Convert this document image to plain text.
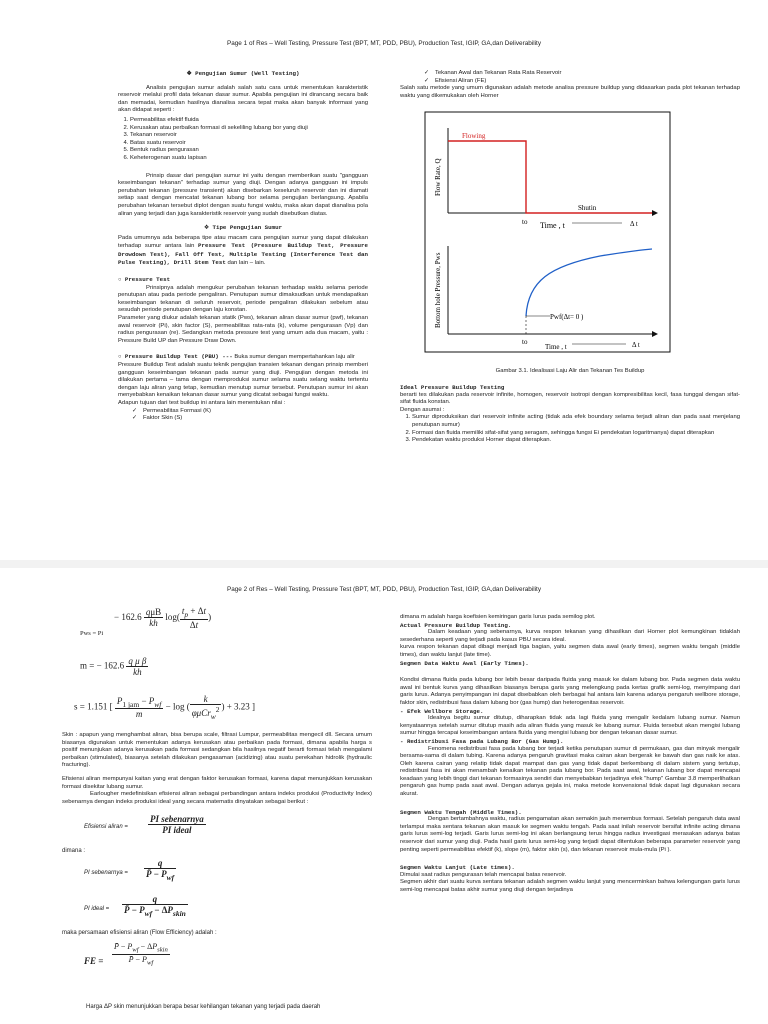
Page 1 of Res – Well Testing, Pressure Test (BPT, MT, PDD, PBU), Production Test, IGIP, GA,dan Deliverability

❖  Pengujian Sumur (Well Testing)

Analisis pengujian sumur adalah salah satu cara untuk menentukan karakteristik reservoir melalui profil data tekanan dasar sumur. Apabila pengujian ini dirancang secara baik dan memadai, kemudian hasilnya dianalisa secara tepat maka akan banyak informasi yang akan didapat seperti :

1. Permeabilitas efektif fluida
2. Kerusakan atau perbaikan formasi di sekeliling lubang bor yang diuji
3. Tekanan reservoir
4. Batas suatu reservoir
5. Bentuk radius pengurasan
6. Keheterogenan suatu lapisan

Prinsip dasar dari pengujian sumur ini yaitu dengan memberikan suatu "gangguan keseimbangan tekanan" terhadap sumur yang diuji. Dengan adanya gangguan ini impuls perubahan tekanan (pressure transient) akan disebarkan keseluruh reservoir dan ini diamati setiap saat dengan mencatat tekanan lubang bor selama pengujian berlangsung. Apabila perubahan tekanan tersebut diplot dengan suatu fungsi waktu, maka akan dapat dianalisa pola aliran yang terjadi dan juga karakteristik reservoir yang sudah disebutkan diatas.

❖  Tipe Pengujian Sumur

Pada umumnya ada beberapa tipe atau macam cara pengujian sumur yang dapat dilakukan terhadap sumur antara lain Pressure Test (Pressure Buildup Test, Pressure Drowdown Test), Fall Off Test, Multiple Testing (Interference Test dan Pulse Testing), Drill Stem Test dan lain – lain.

○  Pressure Test

Prinsipnya adalah mengukur perubahan tekanan terhadap waktu selama periode penutupan atau pada periode pengaliran. Penutupan sumur dimaksudkan untuk mendapatkan keseimbangan tekanan di seluruh reservoir, periode pengaliran dilakukan sebelum atau sesudah periode penutupan dengan laju konstan.

Parameter yang diukur adalah tekanan statik (Pws), tekanan aliran dasar sumur (pwf), tekanan awal reservoir (Pi), skin factor (S), permeabilitas rata-rata (k), volume pengurasan (Vp) dan radius pengurasan (re). Sedangkan metoda pressure test yang umum ada dua macam, yaitu : Pressure Build UP dan Pressure Draw Down.

○  Pressure Buildup Test (PBU) --- Buka sumur dengan mempertahankan laju alir

Pressure Buildup Test adalah suatu teknik pengujian transien tekanan dengan prinsip memberi gangguan keseimbangan tekanan pada sumur yang diuji. Pengujian dengan metoda ini dilakukan pertama – tama dengan memproduksi sumur selama suatu selang waktu tertentu dengan laju aliran yang tetap, kemudian menutup sumur tersebut. Penutupan sumur ini akan menyebabkan kenaikan tekanan dasar sumur yang dicatat sebagai fungsi waktu.

Adapun tujuan dari test buildup ini antara lain menentukan nilai :

✓ Permeabilitas Formasi (K)
✓ Faktor Skin (S)
✓ Tekanan Awal dan Tekanan Rata Rata Reservoir
✓ Efisiensi Aliran (FE)

Salah satu metode yang umum digunakan adalah metode analisa pressure buildup yang didasarkan pada plot tekanan terhadap waktu yang dikemukakan oleh Horner

Flowing
Shutin
Flow Rate, Q
to Time , t	Δ t
Bottom hole Pressure, Pws	Pwf(Δt= 0 )
to
Time , t	Δ t

Gambar 3.1. Idealisasi Laju Alir dan Tekanan Tes Buildup

Ideal Pressure Buildup Testing

berarti tes dilakukan pada reservoir infinite, homogen, reservoir isotropi dengan kompresibilitas kecil, fasa tunggal dengan sifat-sifat fluida konstan.

Dengan asumsi :

1. Sumur diproduksikan dari reservoir infinite acting (tidak ada efek boundary selama terjadi aliran dan pada saat menjelang penutupan sumur)
2. Formasi dan fluida memiliki sifat-sifat yang seragam, sehingga fungsi Ei pendekatan logaritmanya) dapat diterapkan
3. Pendekatan waktu produksi Horner dapat diterapkan.
Page 2 of Res – Well Testing, Pressure Test (BPT, MT, PDD, PBU), Production Test, IGIP, GA,dan Deliverability
Pws = Pi
− $162.6 \frac{\text{qμB}}{kh} \log( \frac{t_p + \Delta t}{\Delta t}$ )
m = − $162.6 \frac{\text{q μ β}}{kh}$
s = 1.151 [ $\frac{P_{1 jam} - P_{wf}}{m} - \log$ ( $\frac{k}{\varphi\mu Cr_w^2}$ ) + 3.23 ]

Skin : apapun yang menghambat aliran, bisa berupa scale, filtrasi Lumpur, permeabilitas mengecil dll. Secara umum biasanya digunakan untuk menentukan adanya kerusakan atau perbaikan pada formasi, dimana apabila harga s positif menunjukan adanya kerusakan pada formasi sedangkan bila hasilnya negatif berarti formasi telah mengalami perbaikan (stimulated), biasanya setelah dilakukan pengasaman (acidizing) atau suatu perekahan hidrolik (hydraulic fracturing).

Efisiensi aliran mempunyai kaitan yang erat dengan faktor kerusakan formasi, karena dapat menunjukkan kerusakan formasi disekitar lubang sumur.

Earlougher medefinisikan efisiensi aliran sebagai perbandingan antara indeks produksi (Productivity Index) sebenarnya dengan indeks produksi ideal yang secara matematis dinyatakan sebagai berikut :

Efisiensi aliran = $\frac{\text{PI sebenarnya}}{\text{PI ideal}}$
dimana :
PI sebenarnya = $\frac{q}{P̄ - P_{wf}}$
PI ideal = $\frac{q}{P̄ - P_{wf} - \Delta P_{skin}}$
maka persamaan efisiensi aliran (Flow Efficiency) adalah :
FE = $\frac{P̄ - P_{wf} - \Delta P_{skin}}{P̄ - P_{wf}}$
Harga ΔP skin menunjukkan berapa besar kehilangan tekanan yang terjadi pada daerah

dimana m adalah harga koefisien kemiringan garis lurus pada semilog plot.

Actual Pressure Buildup Testing.

Dalam keadaan yang sebenarnya, kurva respon tekanan yang dihasilkan dari Horner plot kemungkinan tidaklah sesederhana seperti yang terjadi pada kasus PBU secara ideal.

kurva respon tekanan dapat dibagi menjadi tiga bagian, yaitu segmen data awal (early times), segmen waktu tengah (middle times), dan waktu lanjut (late time).

Segmen Data Waktu Awal (Early Times).

Kondisi dimana fluida pada lubang bor lebih besar daripada fluida yang masuk ke dalam lubang bor. Pada segmen data waktu awal ini bentuk kurva yang dihasilkan biasanya berupa garis yang melengkung pada kertas grafik semi-log, menyimpang dari garis lurus. Adanya penyimpangan ini dapat disebabkan oleh berbagai hal antara lain karena adanya pengaruh wellbore storage, faktor skin, redistribusi fasa dalam lubang bor (gas hump) dan heterogenitas reservoir.

- Efek Wellbore Storage.

Idealnya begitu sumur ditutup, diharapkan tidak ada lagi fluida yang mengalir kedalam lubang sumur. Namun kenyataannya setelah sumur ditutup masih ada aliran fluida yang masuk ke lubang sumur. Fluida tersebut akan mengisi lubang sumur hingga tercapai keseimbangan antara fluida yang mengisi lubang bor dengan tekanan dasar sumur.

- Redistribusi Fasa pada Lubang Bor (Gas Hump).

Fenomena redistribusi fasa pada lubang bor terjadi ketika penutupan sumur di permukaan, gas dan minyak mengalir bersama-sama di dalam tubing. Karena adanya pengaruh gravitasi maka cairan akan bergerak ke bawah dan gas naik ke atas. Oleh karena cairan yang relatip tidak dapat mampat dan gas yang tidak dapat berkembang di dalam sistem yang tertutup, redistribusi fasa ini akan menambah kenaikan tekanan pada lubang bor. Pada saat awal, tekanan lubang bor dapat mencapai keadaan yang lebih tinggi dari tekanan formasinya sendiri dan menyebabkan terjadinya efek "hump" Gambar 3.8 memperlihatkan pengaruh gas hump pada saat awal. Dengan adanya gejala ini, maka metode konvensional tidak dapat lagi digunakan secara akurat.

Segmen Waktu Tengah (Middle Times).

Dengan bertambahnya waktu, radius pengamatan akan semakin jauh menembus formasi. Setelah pengaruh data awal terlampui maka sentara tekanan akan masuk ke segmen waktu tengah. Pada saat inilah reservoir bersifat infinite acting dimana garis lurus semi-log terjadi. Garis lurus semi-log ini akan berlangsung terus hingga radius investigasi merasakan adanya batas reservoir dari sumur yang diuji. Pada hasil garis lurus semi-log yang terjadi dapat ditentukan beberapa parameter reservoir yang penting seperti permeabilitas efektif (k), slope (m), faktor skin (s), dan tekanan reservoir mula-mula (Pi ).

Segmen Waktu Lanjut (Late times).

Dimulai saat radius pengurasan telah mencapai batas reservoir.

Segmen akhir dari suatu kurva sentara tekanan adalah segmen waktu lanjut yang mencerminkan bahwa kelengungan garis lurus semi-log mencapai batas akhir sumur yang diuji dengan terjadinya
